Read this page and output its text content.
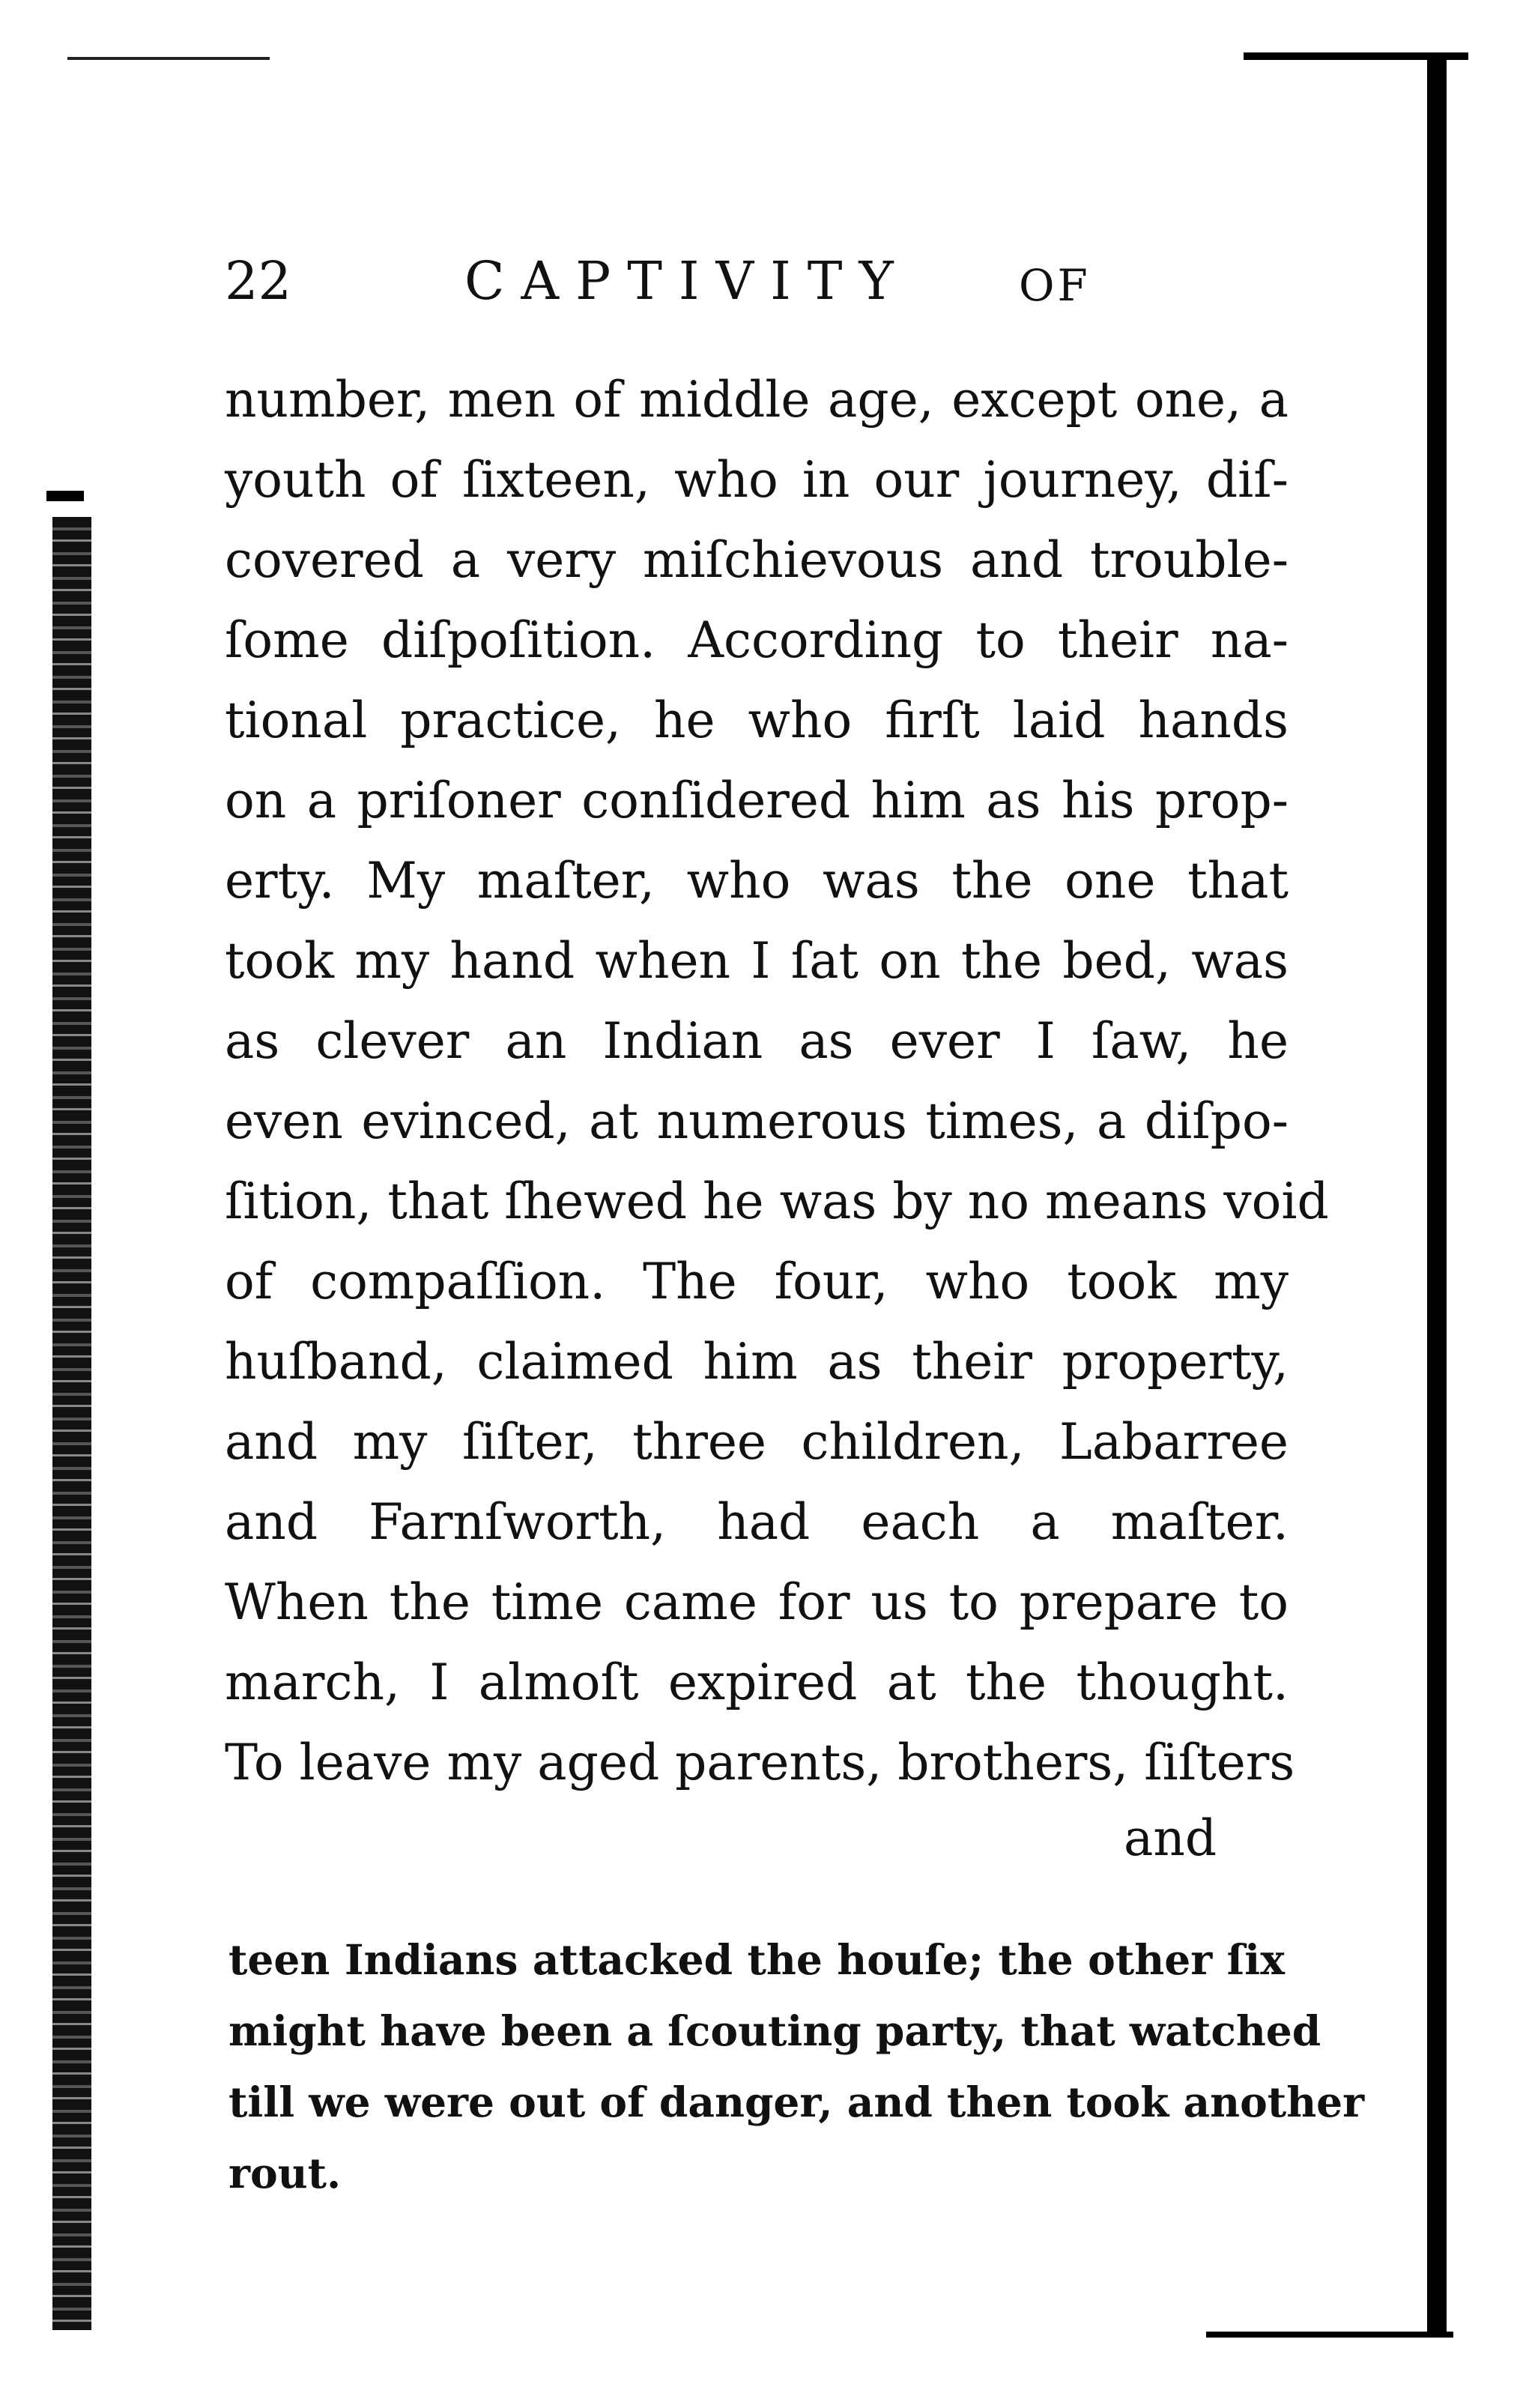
22	CAPTIVITY	OF
number, men of middle age, except one, a
youth of ſixteen, who in our journey, diſ-
covered a very miſchievous and trouble-
ſome diſpoſition. According to their na-
tional practice, he who firſt laid hands
on a priſoner conſidered him as his prop-
erty. My maſter, who was the one that
took my hand when I ſat on the bed, was
as clever an Indian as ever I ſaw, he
even evinced, at numerous times, a diſpo-
ſition, that ſhewed he was by no means void
of compaſſion. The four, who took my
huſband, claimed him as their property,
and my ſiſter, three children, Labarree
and Farnſworth, had each a maſter.
When the time came for us to prepare to
march, I almoſt expired at the thought.
To leave my aged parents, brothers, ſiſters
and
teen Indians attacked the houſe; the other ſix
might have been a ſcouting party, that watched
till we were out of danger, and then took another
rout.
